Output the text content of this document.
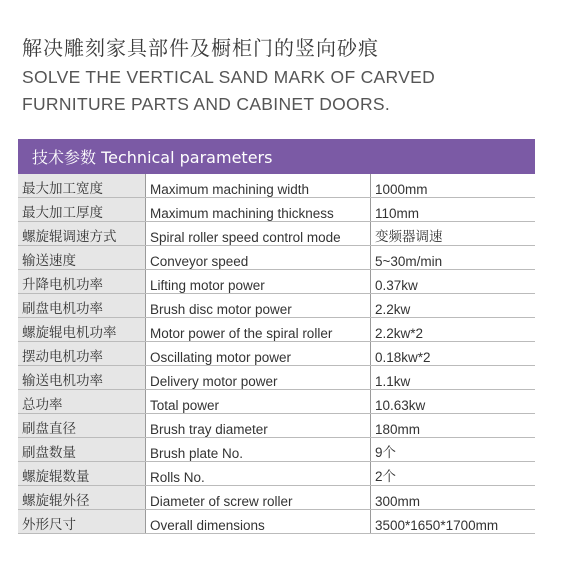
解决雕刻家具部件及橱柜门的竖向砂痕
SOLVE THE VERTICAL SAND MARK OF CARVED
FURNITURE PARTS AND CABINET DOORS.
技术参数 Technical parameters
最大加工宽度	Maximum machining width	1000mm
最大加工厚度	Maximum machining thickness	110mm
螺旋辊调速方式	Spiral roller speed control mode	变频器调速
输送速度	Conveyor speed	5~30m/min
升降电机功率	Lifting motor power	0.37kw
刷盘电机功率	Brush disc motor power	2.2kw
螺旋辊电机功率	Motor power of the spiral roller	2.2kw*2
摆动电机功率	Oscillating motor power	0.18kw*2
输送电机功率	Delivery motor power	1.1kw
总功率	Total power	10.63kw
刷盘直径	Brush tray diameter	180mm
刷盘数量	Brush plate No.	9个
螺旋辊数量	Rolls No.	2个
螺旋辊外径	Diameter of screw roller	300mm
外形尺寸	Overall dimensions	3500*1650*1700mm
